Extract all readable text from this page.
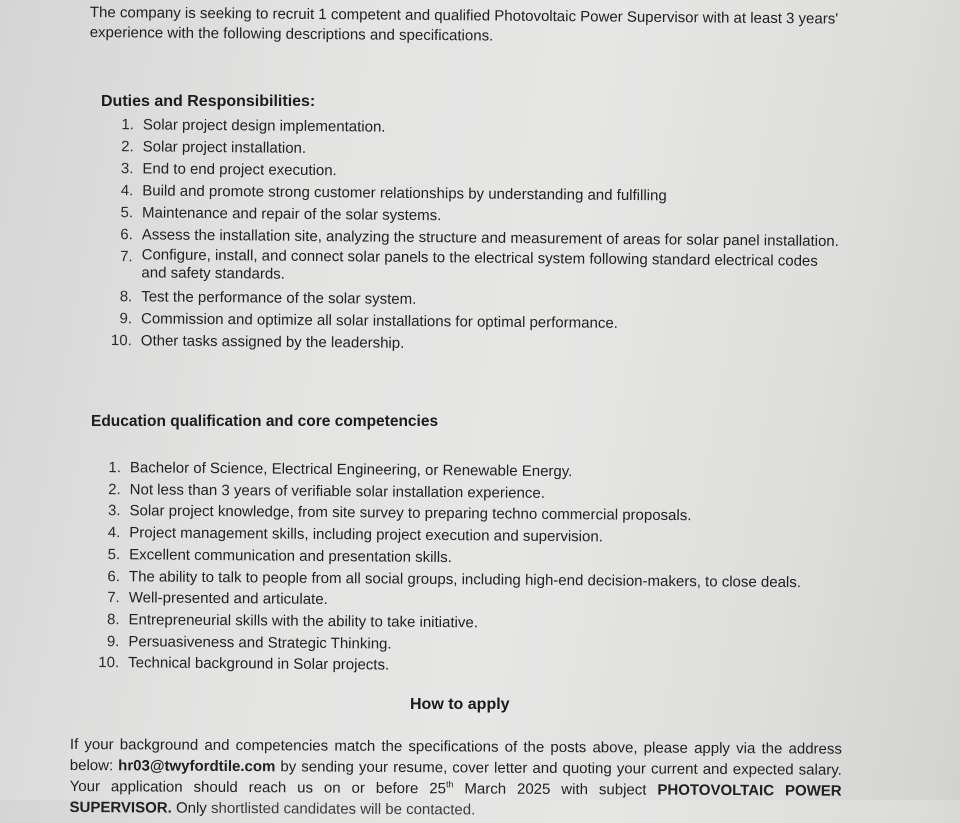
The company is seeking to recruit 1 competent and qualified Photovoltaic Power Supervisor with at least 3 years'
experience with the following descriptions and specifications.
Duties and Responsibilities:
1. Solar project design implementation.
2. Solar project installation.
3. End to end project execution.
4. Build and promote strong customer relationships by understanding and fulfilling
5. Maintenance and repair of the solar systems.
6. Assess the installation site, analyzing the structure and measurement of areas for solar panel installation.
7. Configure, install, and connect solar panels to the electrical system following standard electrical codes and safety standards.
8. Test the performance of the solar system.
9. Commission and optimize all solar installations for optimal performance.
10. Other tasks assigned by the leadership.
Education qualification and core competencies
1. Bachelor of Science, Electrical Engineering, or Renewable Energy.
2. Not less than 3 years of verifiable solar installation experience.
3. Solar project knowledge, from site survey to preparing techno commercial proposals.
4. Project management skills, including project execution and supervision.
5. Excellent communication and presentation skills.
6. The ability to talk to people from all social groups, including high-end decision-makers, to close deals.
7. Well-presented and articulate.
8. Entrepreneurial skills with the ability to take initiative.
9. Persuasiveness and Strategic Thinking.
10. Technical background in Solar projects.
How to apply
If your background and competencies match the specifications of the posts above, please apply via the address below: hr03@twyfordtile.com by sending your resume, cover letter and quoting your current and expected salary. Your application should reach us on or before 25th March 2025 with subject PHOTOVOLTAIC POWER SUPERVISOR. Only shortlisted candidates will be contacted.
